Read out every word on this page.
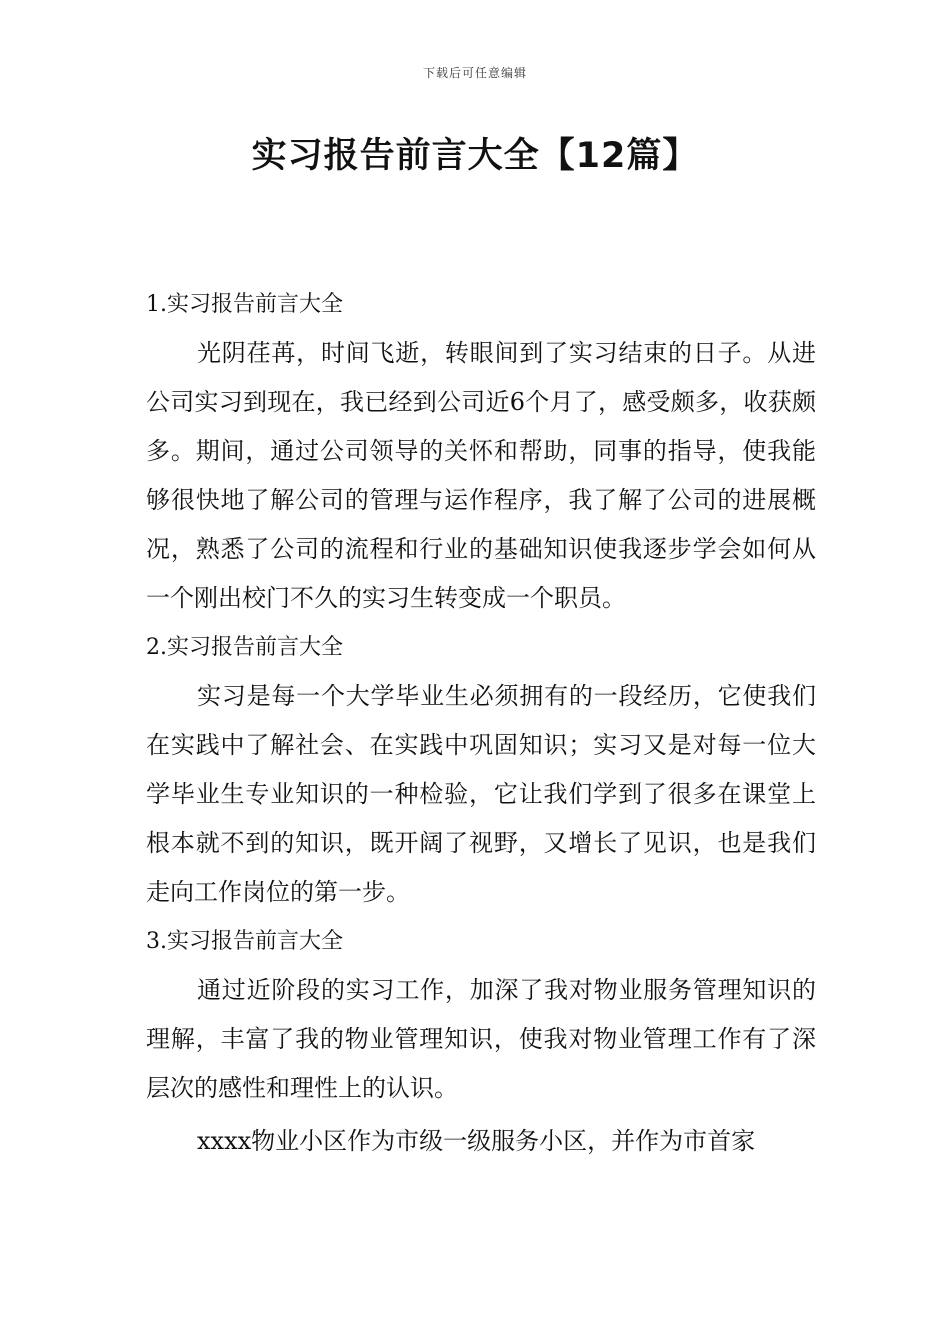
下载后可任意编辑
实习报告前言大全【12篇】

1.实习报告前言大全

光阴荏苒，时间飞逝，转眼间到了实习结束的日子。从进公司实习到现在，我已经到公司近6个月了，感受颇多，收获颇多。期间，通过公司领导的关怀和帮助，同事的指导，使我能够很快地了解公司的管理与运作程序，我了解了公司的进展概况，熟悉了公司的流程和行业的基础知识使我逐步学会如何从一个刚出校门不久的实习生转变成一个职员。

2.实习报告前言大全

实习是每一个大学毕业生必须拥有的一段经历，它使我们在实践中了解社会、在实践中巩固知识；实习又是对每一位大学毕业生专业知识的一种检验，它让我们学到了很多在课堂上根本就不到的知识，既开阔了视野，又增长了见识，也是我们走向工作岗位的第一步。

3.实习报告前言大全

通过近阶段的实习工作，加深了我对物业服务管理知识的理解，丰富了我的物业管理知识，使我对物业管理工作有了深层次的感性和理性上的认识。

xxxx物业小区作为市级一级服务小区，并作为市首家
